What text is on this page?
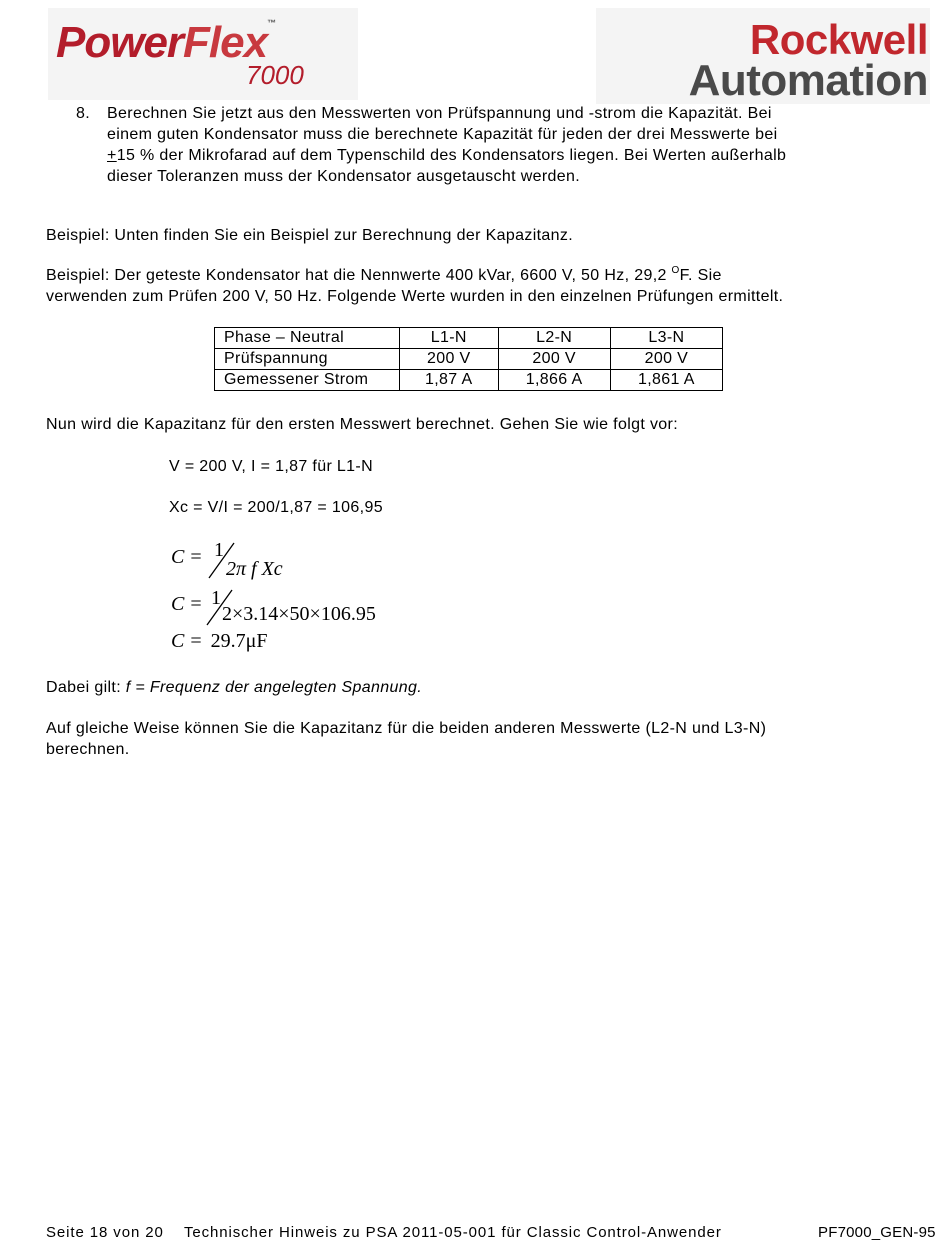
PowerFlex™
7000
Rockwell
Automation
8. Berechnen Sie jetzt aus den Messwerten von Prüfspannung und -strom die Kapazität. Bei
einem guten Kondensator muss die berechnete Kapazität für jeden der drei Messwerte bei
+15 % der Mikrofarad auf dem Typenschild des Kondensators liegen. Bei Werten außerhalb
dieser Toleranzen muss der Kondensator ausgetauscht werden.
Beispiel: Unten finden Sie ein Beispiel zur Berechnung der Kapazitanz.
Beispiel: Der geteste Kondensator hat die Nennwerte 400 kVar, 6600 V, 50 Hz, 29,2 $^O$F. Sie
verwenden zum Prüfen 200 V, 50 Hz. Folgende Werte wurden in den einzelnen Prüfungen ermittelt.
Phase – Neutral	L1-N	L2-N	L3-N
Prüfspannung	200 V	200 V	200 V
Gemessener Strom	1,87 A	1,866 A	1,861 A
Nun wird die Kapazitanz für den ersten Messwert berechnet. Gehen Sie wie folgt vor:
V = 200 V, I = 1,87 für L1-N
Xc = V/I = 200/1,87 = 106,95
C = 1
2π f Xc
C = 1
2×3.14×50×106.95
C = 29.7μF
Dabei gilt: f = Frequenz der angelegten Spannung.
Auf gleiche Weise können Sie die Kapazitanz für die beiden anderen Messwerte (L2-N und L3-N)
berechnen.
Seite 18 von 20 Technischer Hinweis zu PSA 2011-05-001 für Classic Control-Anwender	PF7000_GEN-95
